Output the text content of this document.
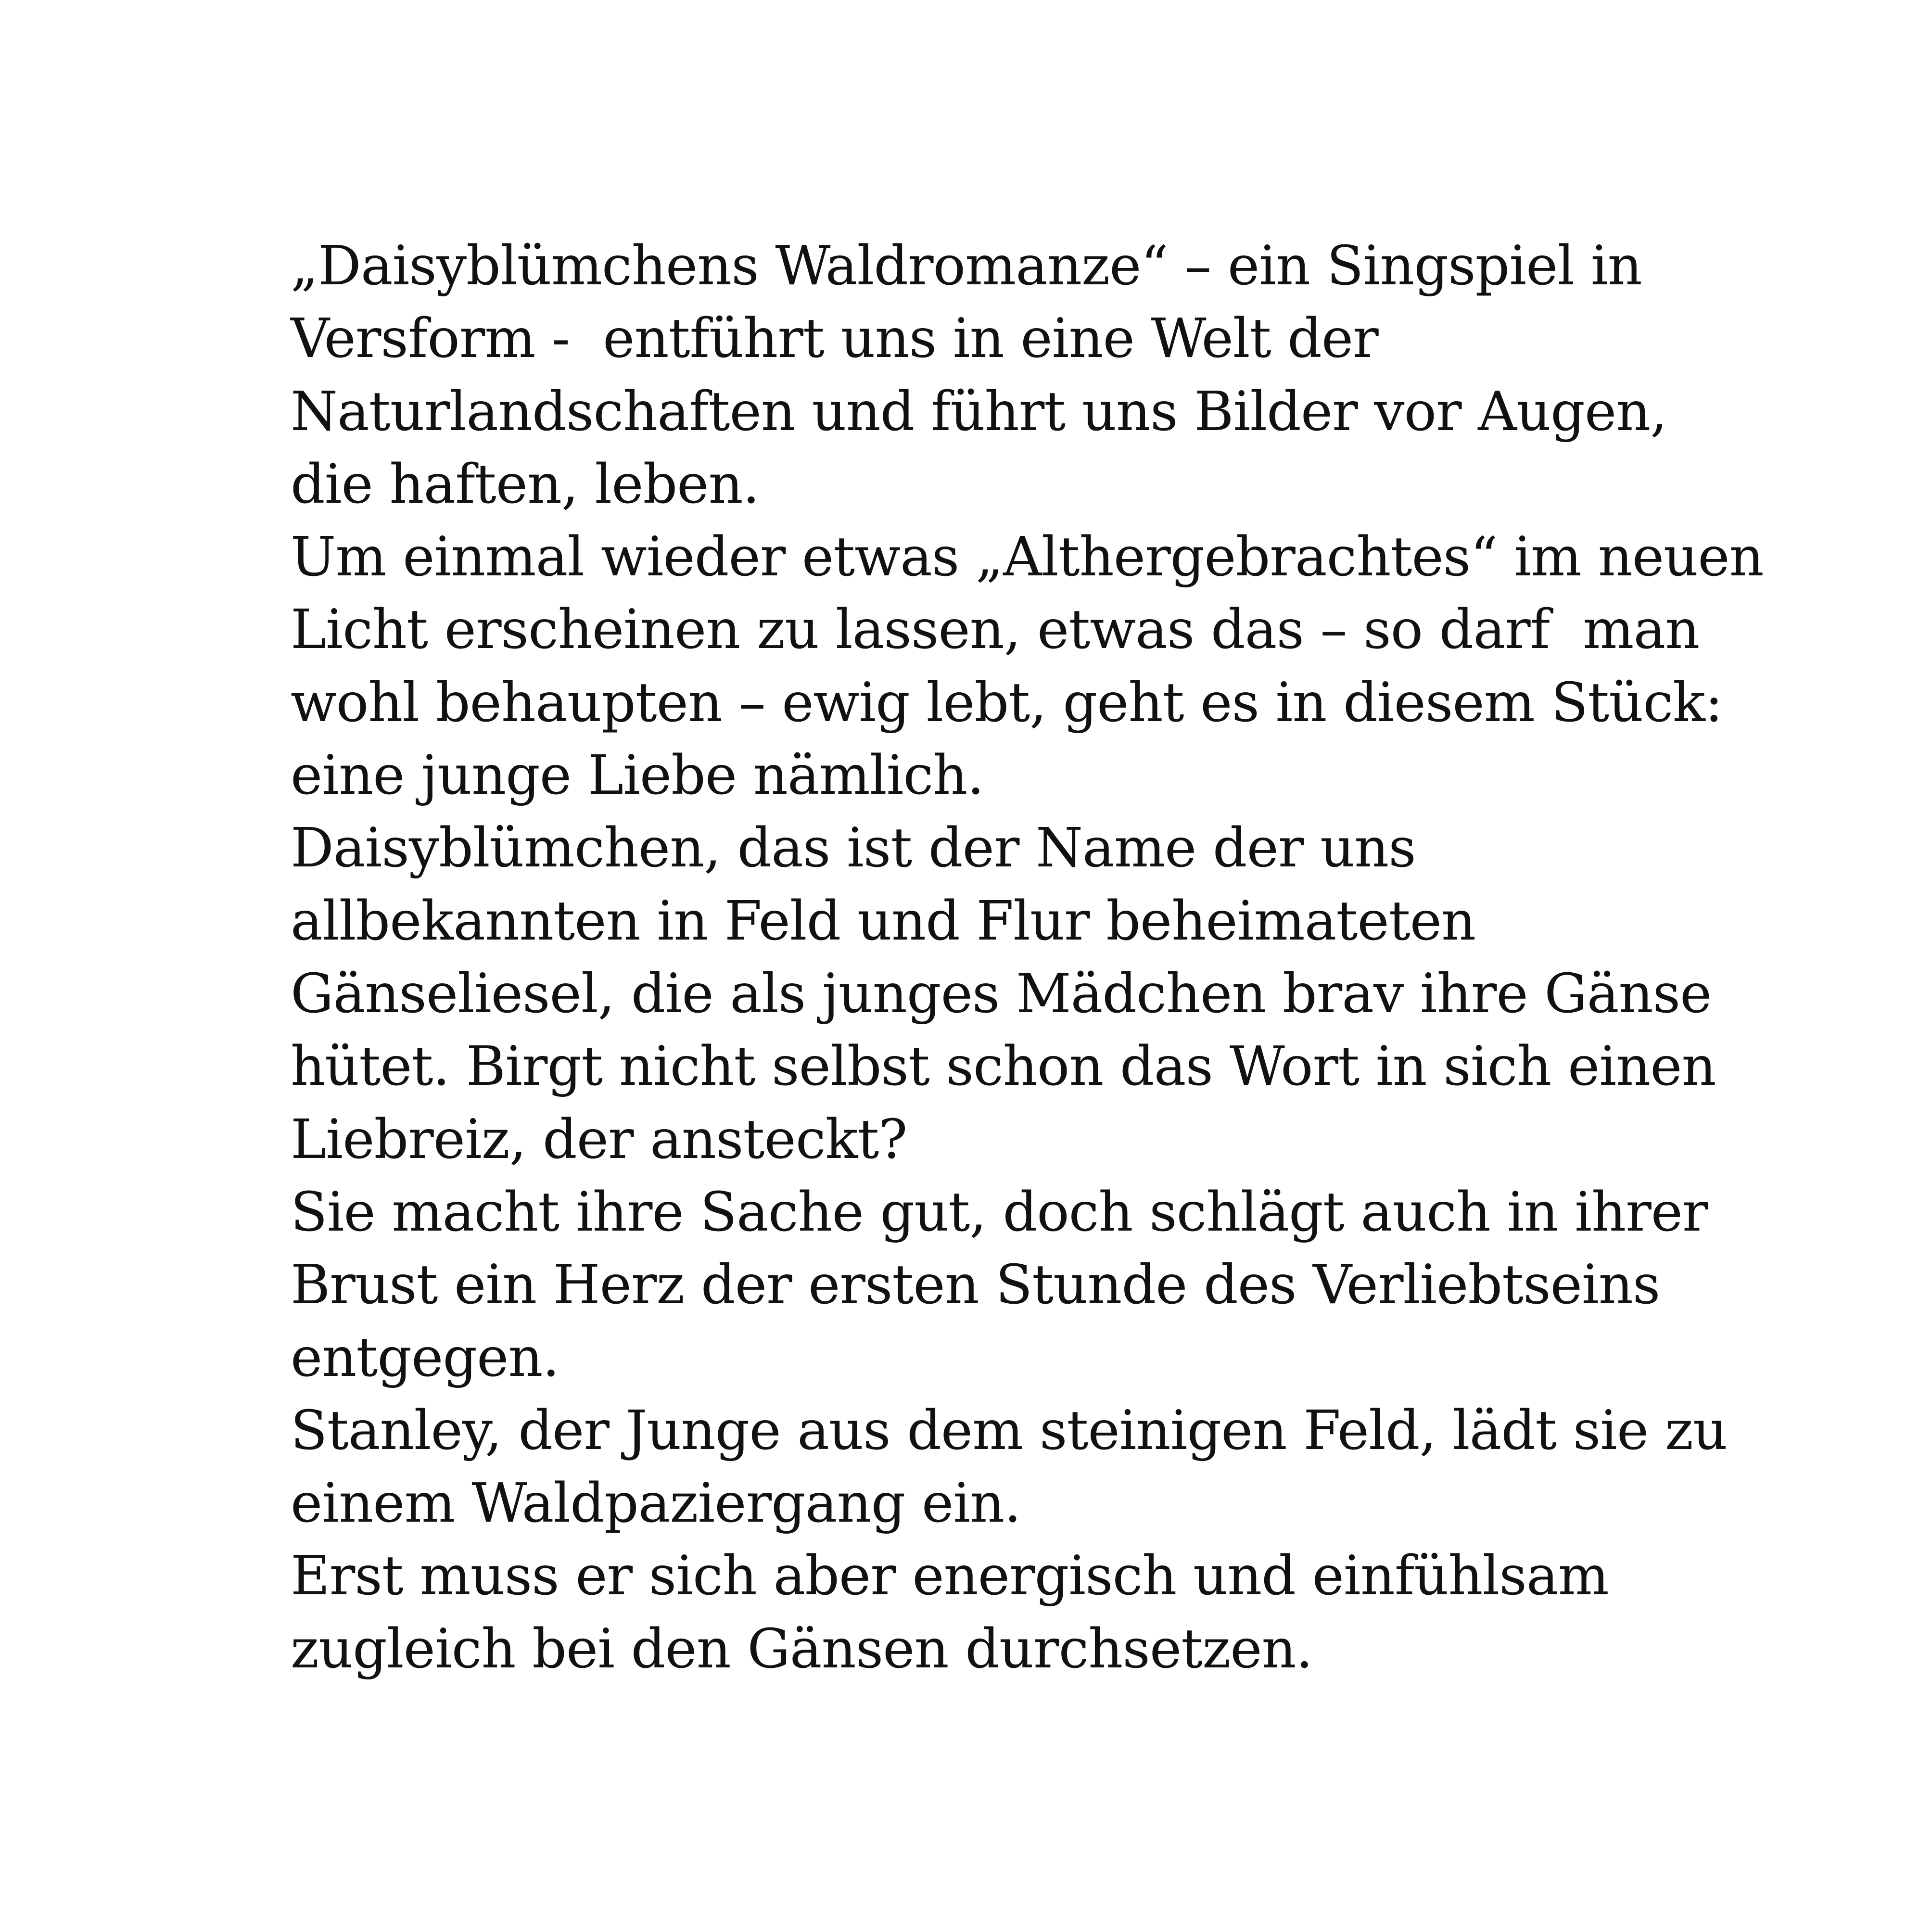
„Daisyblümchens Waldromanze“ – ein Singspiel in
Versform -  entführt uns in eine Welt der
Naturlandschaften und führt uns Bilder vor Augen,
die haften, leben.
Um einmal wieder etwas „Althergebrachtes“ im neuen
Licht erscheinen zu lassen, etwas das – so darf  man
wohl behaupten – ewig lebt, geht es in diesem Stück:
eine junge Liebe nämlich.
Daisyblümchen, das ist der Name der uns
allbekannten in Feld und Flur beheimateten
Gänseliesel, die als junges Mädchen brav ihre Gänse
hütet. Birgt nicht selbst schon das Wort in sich einen
Liebreiz, der ansteckt?
Sie macht ihre Sache gut, doch schlägt auch in ihrer
Brust ein Herz der ersten Stunde des Verliebtseins
entgegen.
Stanley, der Junge aus dem steinigen Feld, lädt sie zu
einem Waldpaziergang ein.
Erst muss er sich aber energisch und einfühlsam
zugleich bei den Gänsen durchsetzen.
